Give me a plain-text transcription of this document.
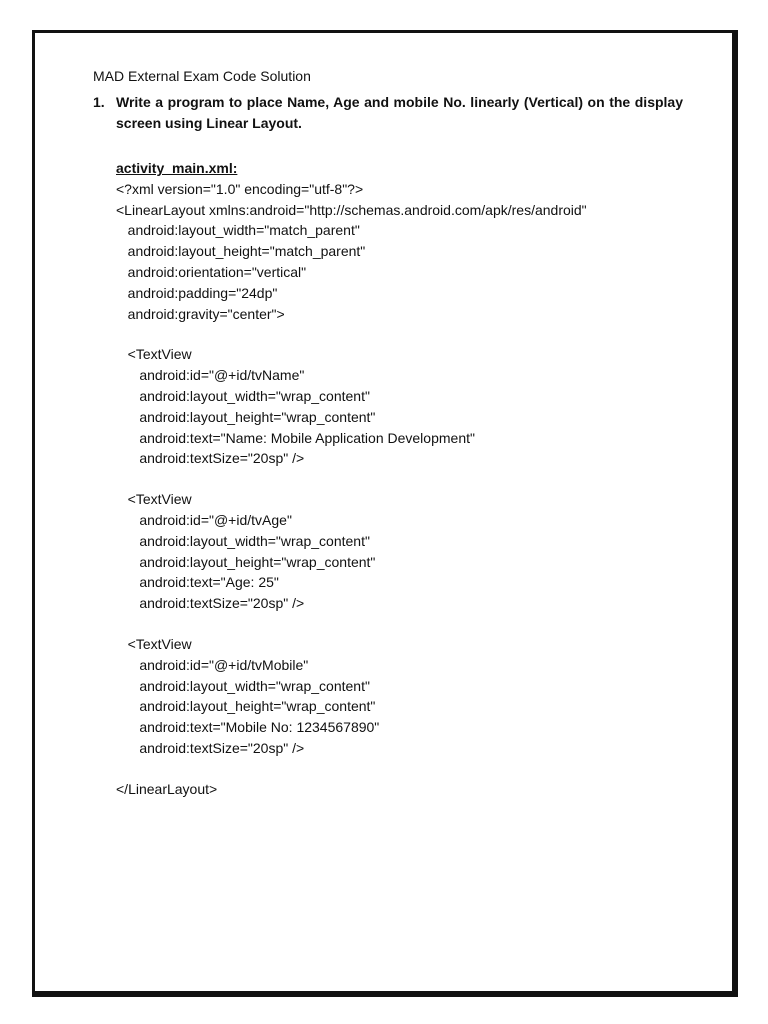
MAD External Exam Code Solution
1. Write a program to place Name, Age and mobile No. linearly (Vertical) on the display screen using Linear Layout.
activity_main.xml:
<?xml version="1.0" encoding="utf-8"?>
<LinearLayout xmlns:android="http://schemas.android.com/apk/res/android"
android:layout_width="match_parent"
android:layout_height="match_parent"
android:orientation="vertical"
android:padding="24dp"
android:gravity="center">
<TextView
android:id="@+id/tvName"
android:layout_width="wrap_content"
android:layout_height="wrap_content"
android:text="Name: Mobile Application Development"
android:textSize="20sp" />
<TextView
android:id="@+id/tvAge"
android:layout_width="wrap_content"
android:layout_height="wrap_content"
android:text="Age: 25"
android:textSize="20sp" />
<TextView
android:id="@+id/tvMobile"
android:layout_width="wrap_content"
android:layout_height="wrap_content"
android:text="Mobile No: 1234567890"
android:textSize="20sp" />
</LinearLayout>
